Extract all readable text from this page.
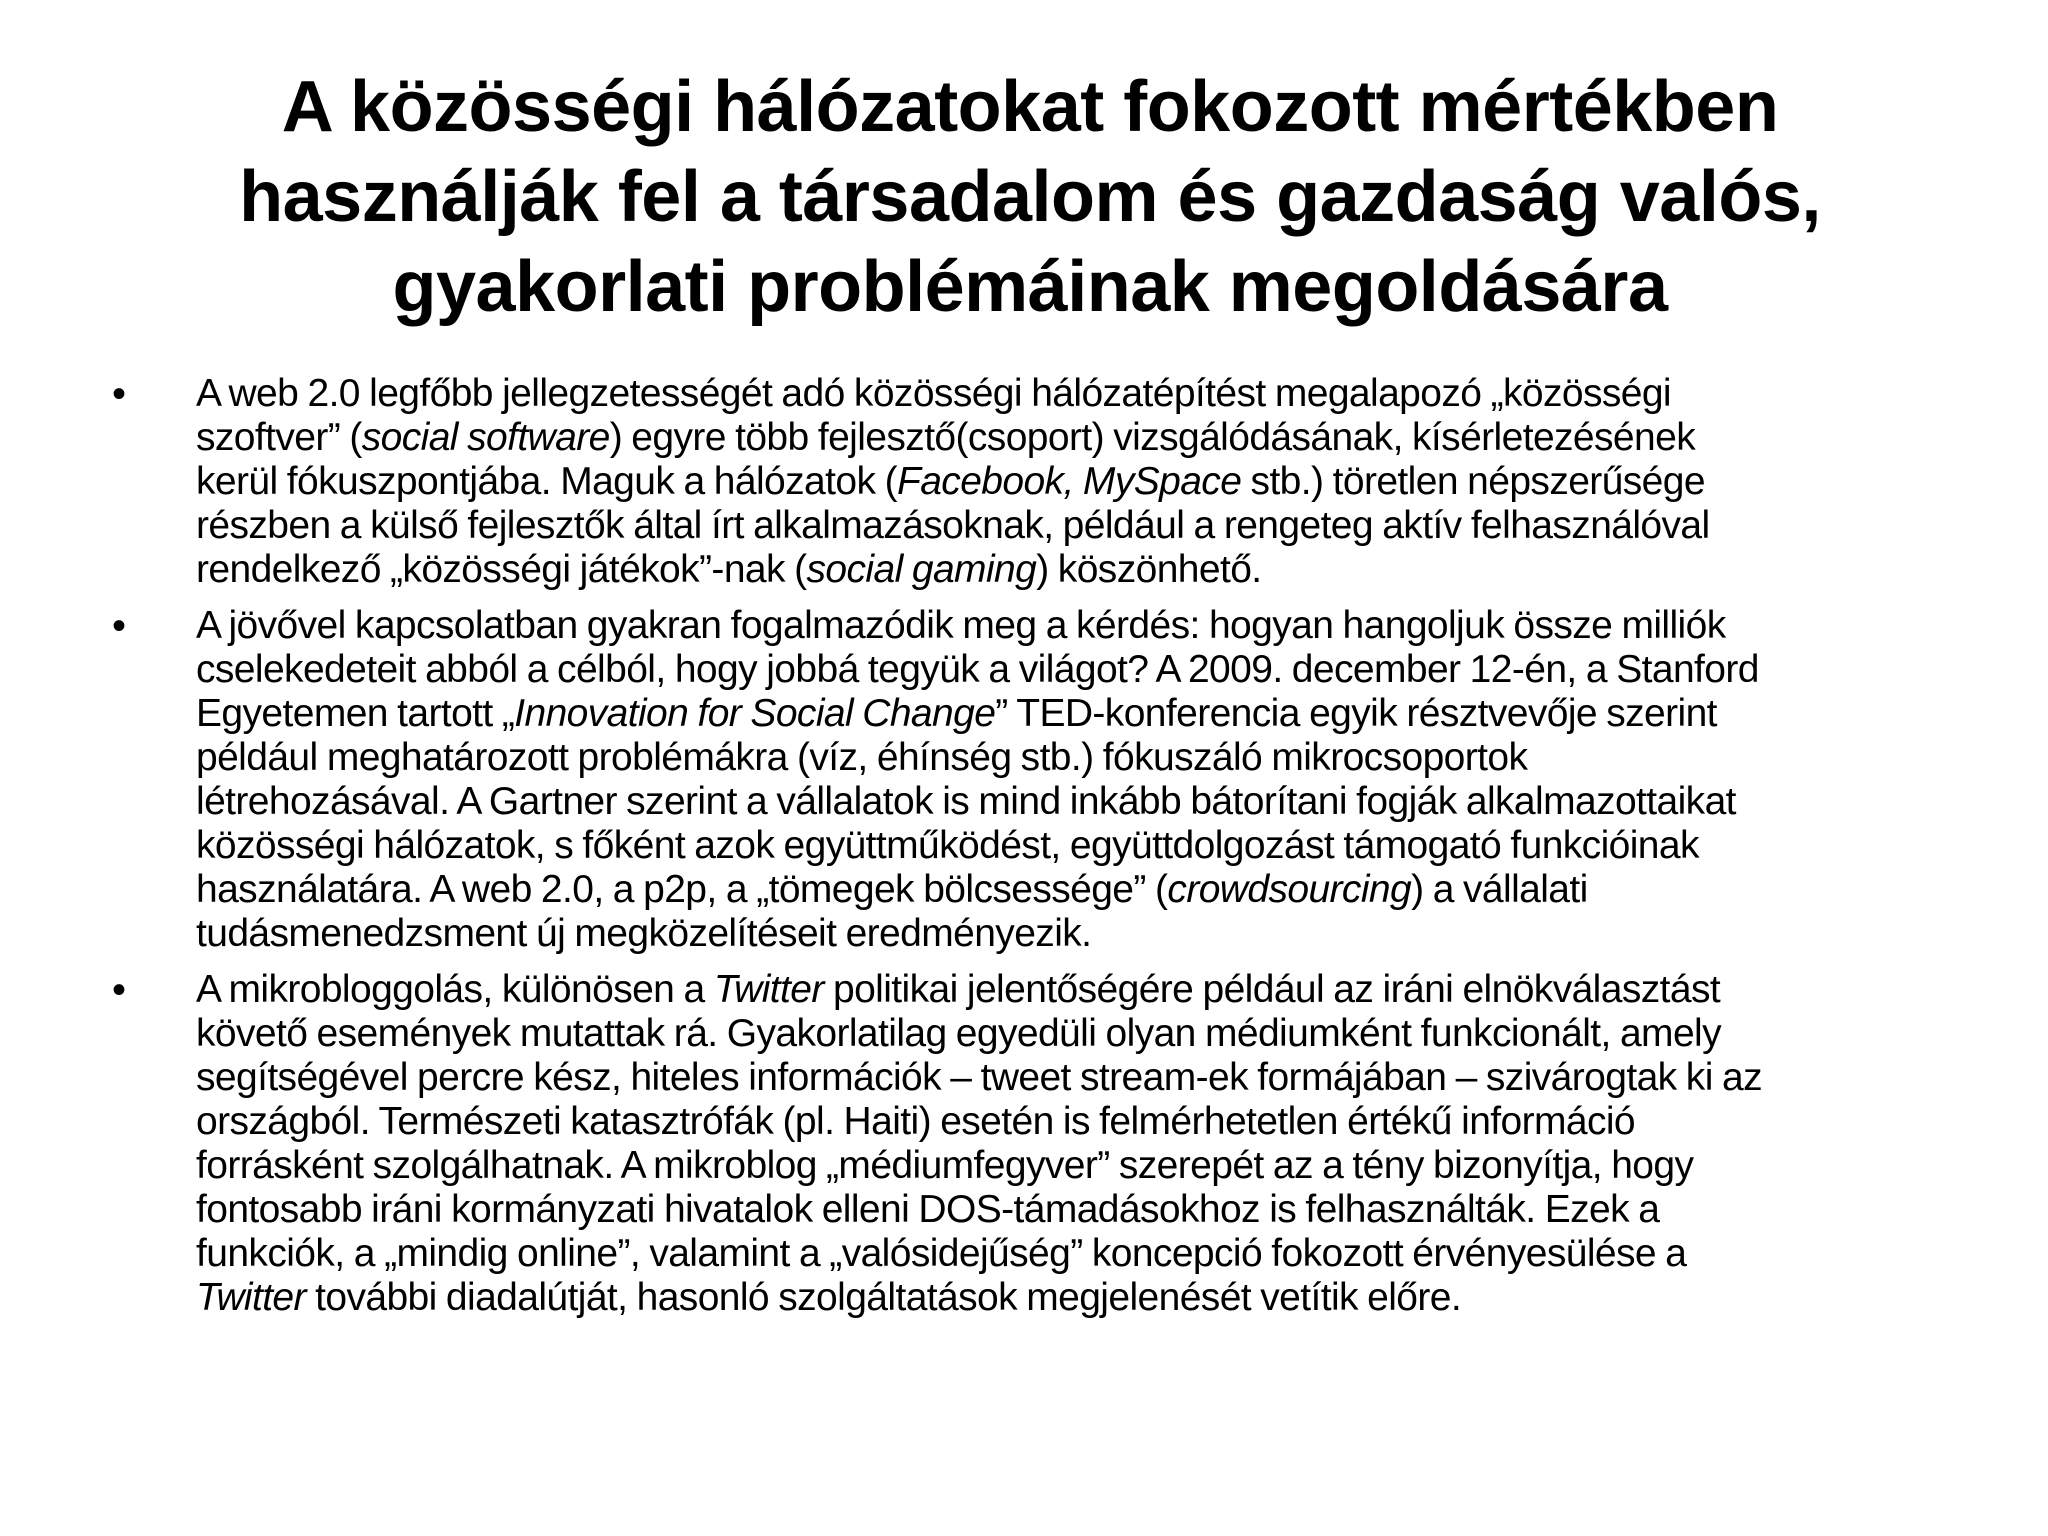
A közösségi hálózatokat fokozott mértékben
használják fel a társadalom és gazdaság valós,
gyakorlati problémáinak megoldására
• A web 2.0 legfőbb jellegzetességét adó közösségi hálózatépítést megalapozó „közösségi
szoftver” (social software) egyre több fejlesztő(csoport) vizsgálódásának, kísérletezésének
kerül fókuszpontjába. Maguk a hálózatok (Facebook, MySpace stb.) töretlen népszerűsége
részben a külső fejlesztők által írt alkalmazásoknak, például a rengeteg aktív felhasználóval
rendelkező „közösségi játékok”-nak (social gaming) köszönhető.
• A jövővel kapcsolatban gyakran fogalmazódik meg a kérdés: hogyan hangoljuk össze milliók
cselekedeteit abból a célból, hogy jobbá tegyük a világot? A 2009. december 12-én, a Stanford
Egyetemen tartott „Innovation for Social Change” TED-konferencia egyik résztvevője szerint
például meghatározott problémákra (víz, éhínség stb.) fókuszáló mikrocsoportok
létrehozásával. A Gartner szerint a vállalatok is mind inkább bátorítani fogják alkalmazottaikat
közösségi hálózatok, s főként azok együttműködést, együttdolgozást támogató funkcióinak
használatára. A web 2.0, a p2p, a „tömegek bölcsessége” (crowdsourcing) a vállalati
tudásmenedzsment új megközelítéseit eredményezik.
• A mikrobloggolás, különösen a Twitter politikai jelentőségére például az iráni elnökválasztást
követő események mutattak rá. Gyakorlatilag egyedüli olyan médiumként funkcionált, amely
segítségével percre kész, hiteles információk – tweet stream-ek formájában – szivárogtak ki az
országból. Természeti katasztrófák (pl. Haiti) esetén is felmérhetetlen értékű információ
forrásként szolgálhatnak. A mikroblog „médiumfegyver” szerepét az a tény bizonyítja, hogy
fontosabb iráni kormányzati hivatalok elleni DOS-támadásokhoz is felhasználták. Ezek a
funkciók, a „mindig online”, valamint a „valósidejűség” koncepció fokozott érvényesülése a
Twitter további diadalútját, hasonló szolgáltatások megjelenését vetítik előre.
